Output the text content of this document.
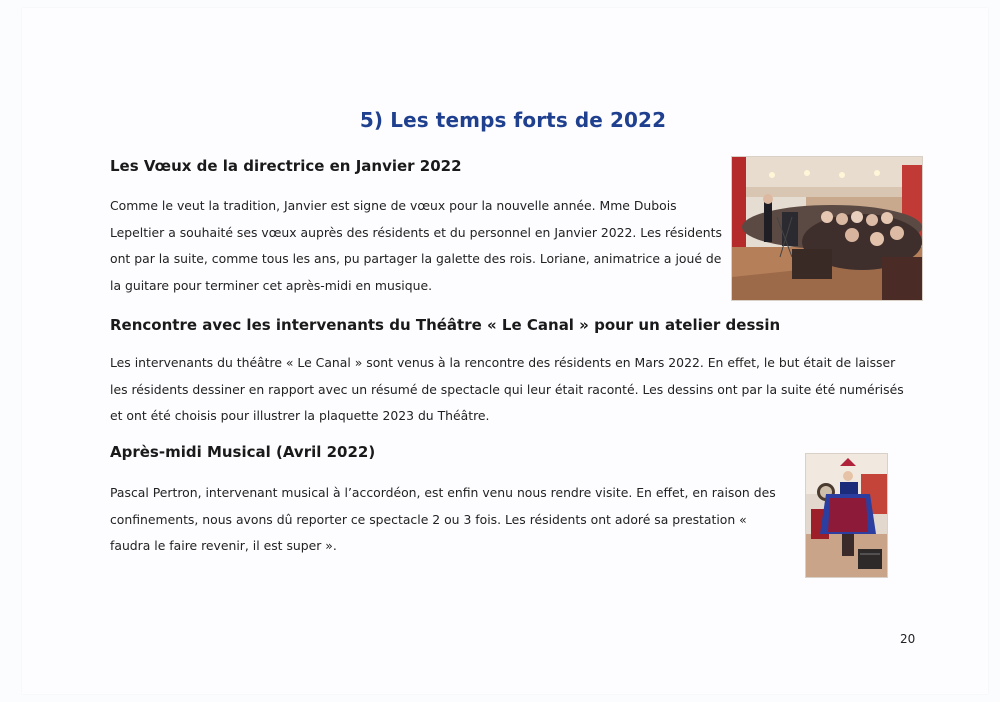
5) Les temps forts de 2022
Les Vœux de la directrice en Janvier 2022

Comme le veut la tradition, Janvier est signe de vœux pour la nouvelle année. Mme Dubois Lepeltier a souhaité ses vœux auprès des résidents et du personnel en Janvier 2022. Les résidents ont par la suite, comme tous les ans, pu partager la galette des rois. Loriane, animatrice a joué de la guitare pour terminer cet après-midi en musique.

Rencontre avec les intervenants du Théâtre « Le Canal » pour un atelier dessin

Les intervenants du théâtre « Le Canal » sont venus à la rencontre des résidents en Mars 2022. En effet, le but était de laisser les résidents dessiner en rapport avec un résumé de spectacle qui leur était raconté. Les dessins ont par la suite été numérisés et ont été choisis pour illustrer la plaquette 2023 du Théâtre.

Après-midi Musical (Avril 2022)

Pascal Pertron, intervenant musical à l’accordéon, est enfin venu nous rendre visite. En effet, en raison des confinements, nous avons dû reporter ce spectacle 2 ou 3 fois. Les résidents ont adoré sa prestation « faudra le faire revenir, il est super ».

20
